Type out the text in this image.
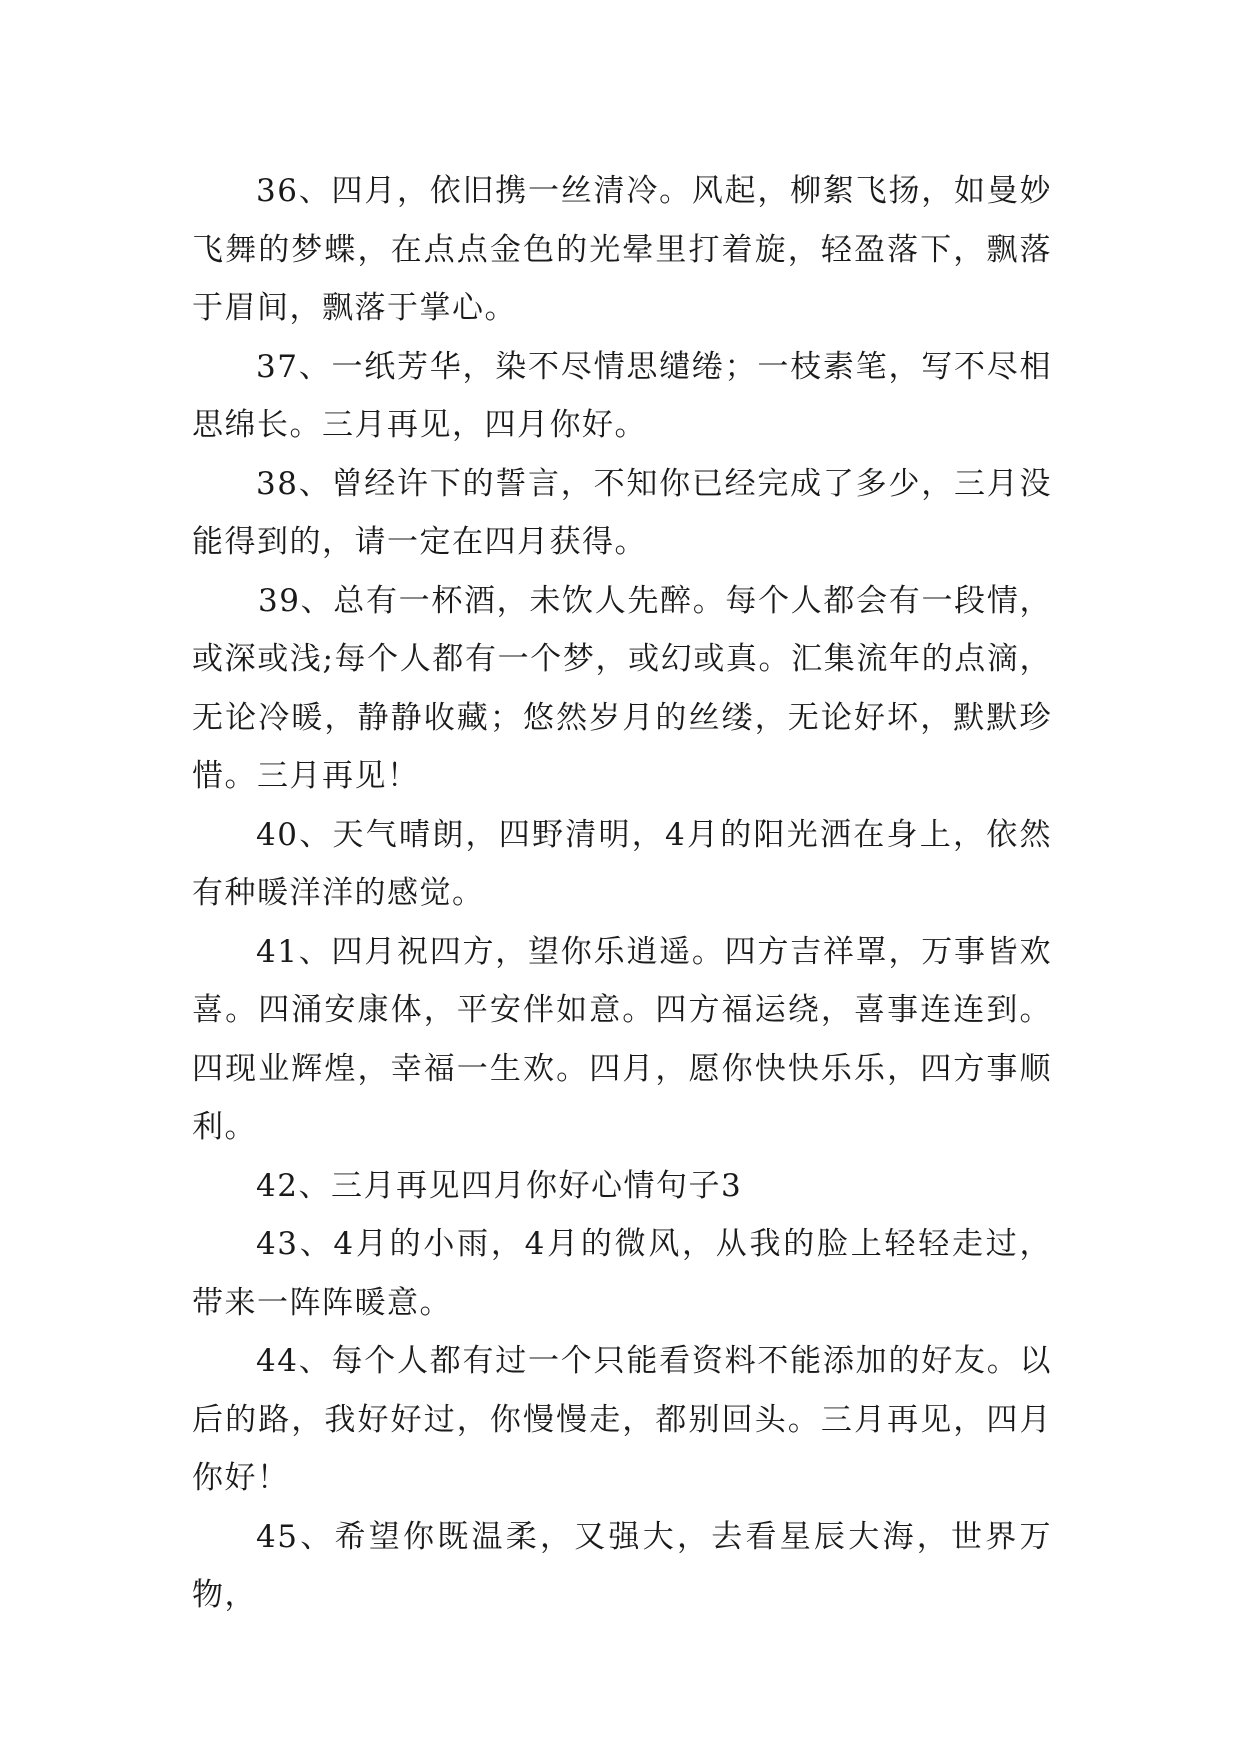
36、四月，依旧携一丝清冷。风起，柳絮飞扬，如曼妙飞舞的梦蝶，在点点金色的光晕里打着旋，轻盈落下，飘落于眉间，飘落于掌心。

37、一纸芳华，染不尽情思缱绻；一枝素笔，写不尽相思绵长。三月再见，四月你好。

38、曾经许下的誓言，不知你已经完成了多少，三月没能得到的，请一定在四月获得。

39、总有一杯酒，未饮人先醉。每个人都会有一段情，或深或浅;每个人都有一个梦，或幻或真。汇集流年的点滴，无论冷暖，静静收藏；悠然岁月的丝缕，无论好坏，默默珍惜。三月再见！

40、天气晴朗，四野清明，4月的阳光洒在身上，依然有种暖洋洋的感觉。

41、四月祝四方，望你乐逍遥。四方吉祥罩，万事皆欢喜。四涌安康体，平安伴如意。四方福运绕，喜事连连到。四现业辉煌，幸福一生欢。四月，愿你快快乐乐，四方事顺利。

42、三月再见四月你好心情句子3

43、4月的小雨，4月的微风，从我的脸上轻轻走过，带来一阵阵暖意。

44、每个人都有过一个只能看资料不能添加的好友。以后的路，我好好过，你慢慢走，都别回头。三月再见，四月你好！

45、希望你既温柔，又强大，去看星辰大海，世界万物，
